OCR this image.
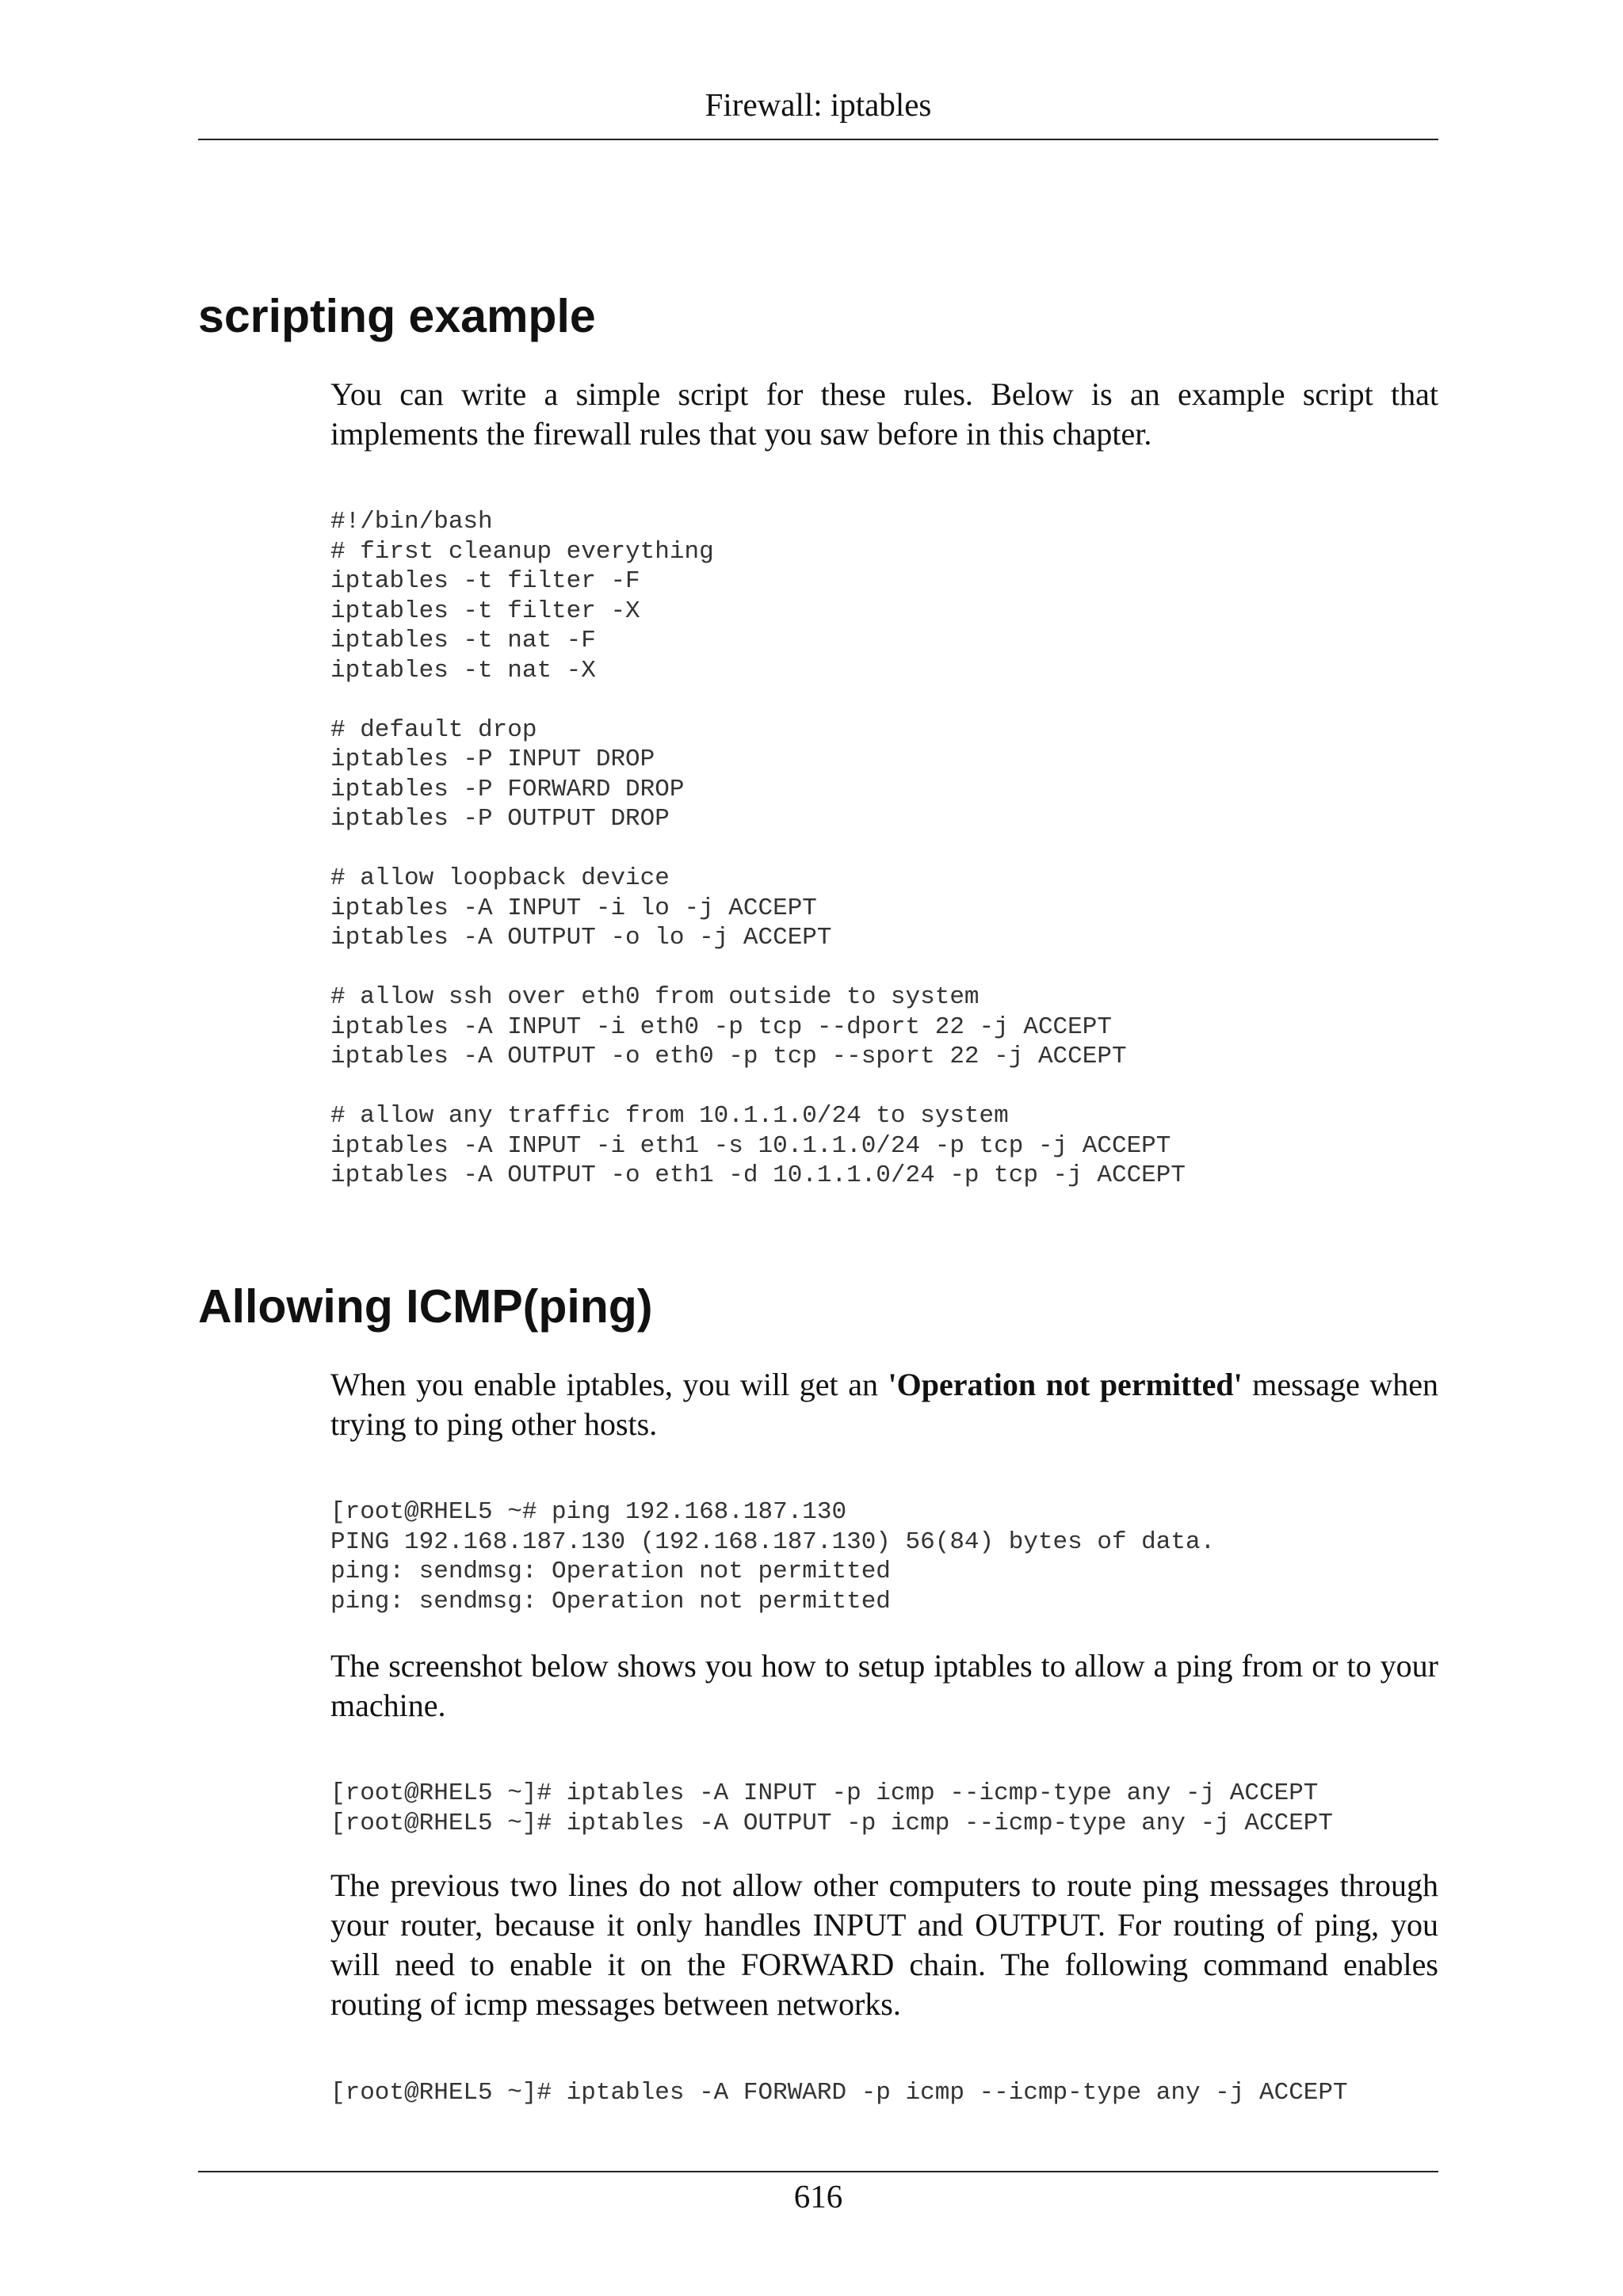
Firewall: iptables
scripting example

You can write a simple script for these rules. Below is an example script that implements the firewall rules that you saw before in this chapter.

#!/bin/bash
# first cleanup everything
iptables -t filter -F
iptables -t filter -X
iptables -t nat -F
iptables -t nat -X

# default drop
iptables -P INPUT DROP
iptables -P FORWARD DROP
iptables -P OUTPUT DROP

# allow loopback device
iptables -A INPUT -i lo -j ACCEPT
iptables -A OUTPUT -o lo -j ACCEPT

# allow ssh over eth0 from outside to system
iptables -A INPUT -i eth0 -p tcp --dport 22 -j ACCEPT
iptables -A OUTPUT -o eth0 -p tcp --sport 22 -j ACCEPT

# allow any traffic from 10.1.1.0/24 to system
iptables -A INPUT -i eth1 -s 10.1.1.0/24 -p tcp -j ACCEPT
iptables -A OUTPUT -o eth1 -d 10.1.1.0/24 -p tcp -j ACCEPT
Allowing ICMP(ping)

When you enable iptables, you will get an 'Operation not permitted' message when trying to ping other hosts.

[root@RHEL5 ~# ping 192.168.187.130
PING 192.168.187.130 (192.168.187.130) 56(84) bytes of data.
ping: sendmsg: Operation not permitted
ping: sendmsg: Operation not permitted

The screenshot below shows you how to setup iptables to allow a ping from or to your machine.

[root@RHEL5 ~]# iptables -A INPUT -p icmp --icmp-type any -j ACCEPT
[root@RHEL5 ~]# iptables -A OUTPUT -p icmp --icmp-type any -j ACCEPT

The previous two lines do not allow other computers to route ping messages through your router, because it only handles INPUT and OUTPUT. For routing of ping, you will need to enable it on the FORWARD chain. The following command enables routing of icmp messages between networks.

[root@RHEL5 ~]# iptables -A FORWARD -p icmp --icmp-type any -j ACCEPT
616
